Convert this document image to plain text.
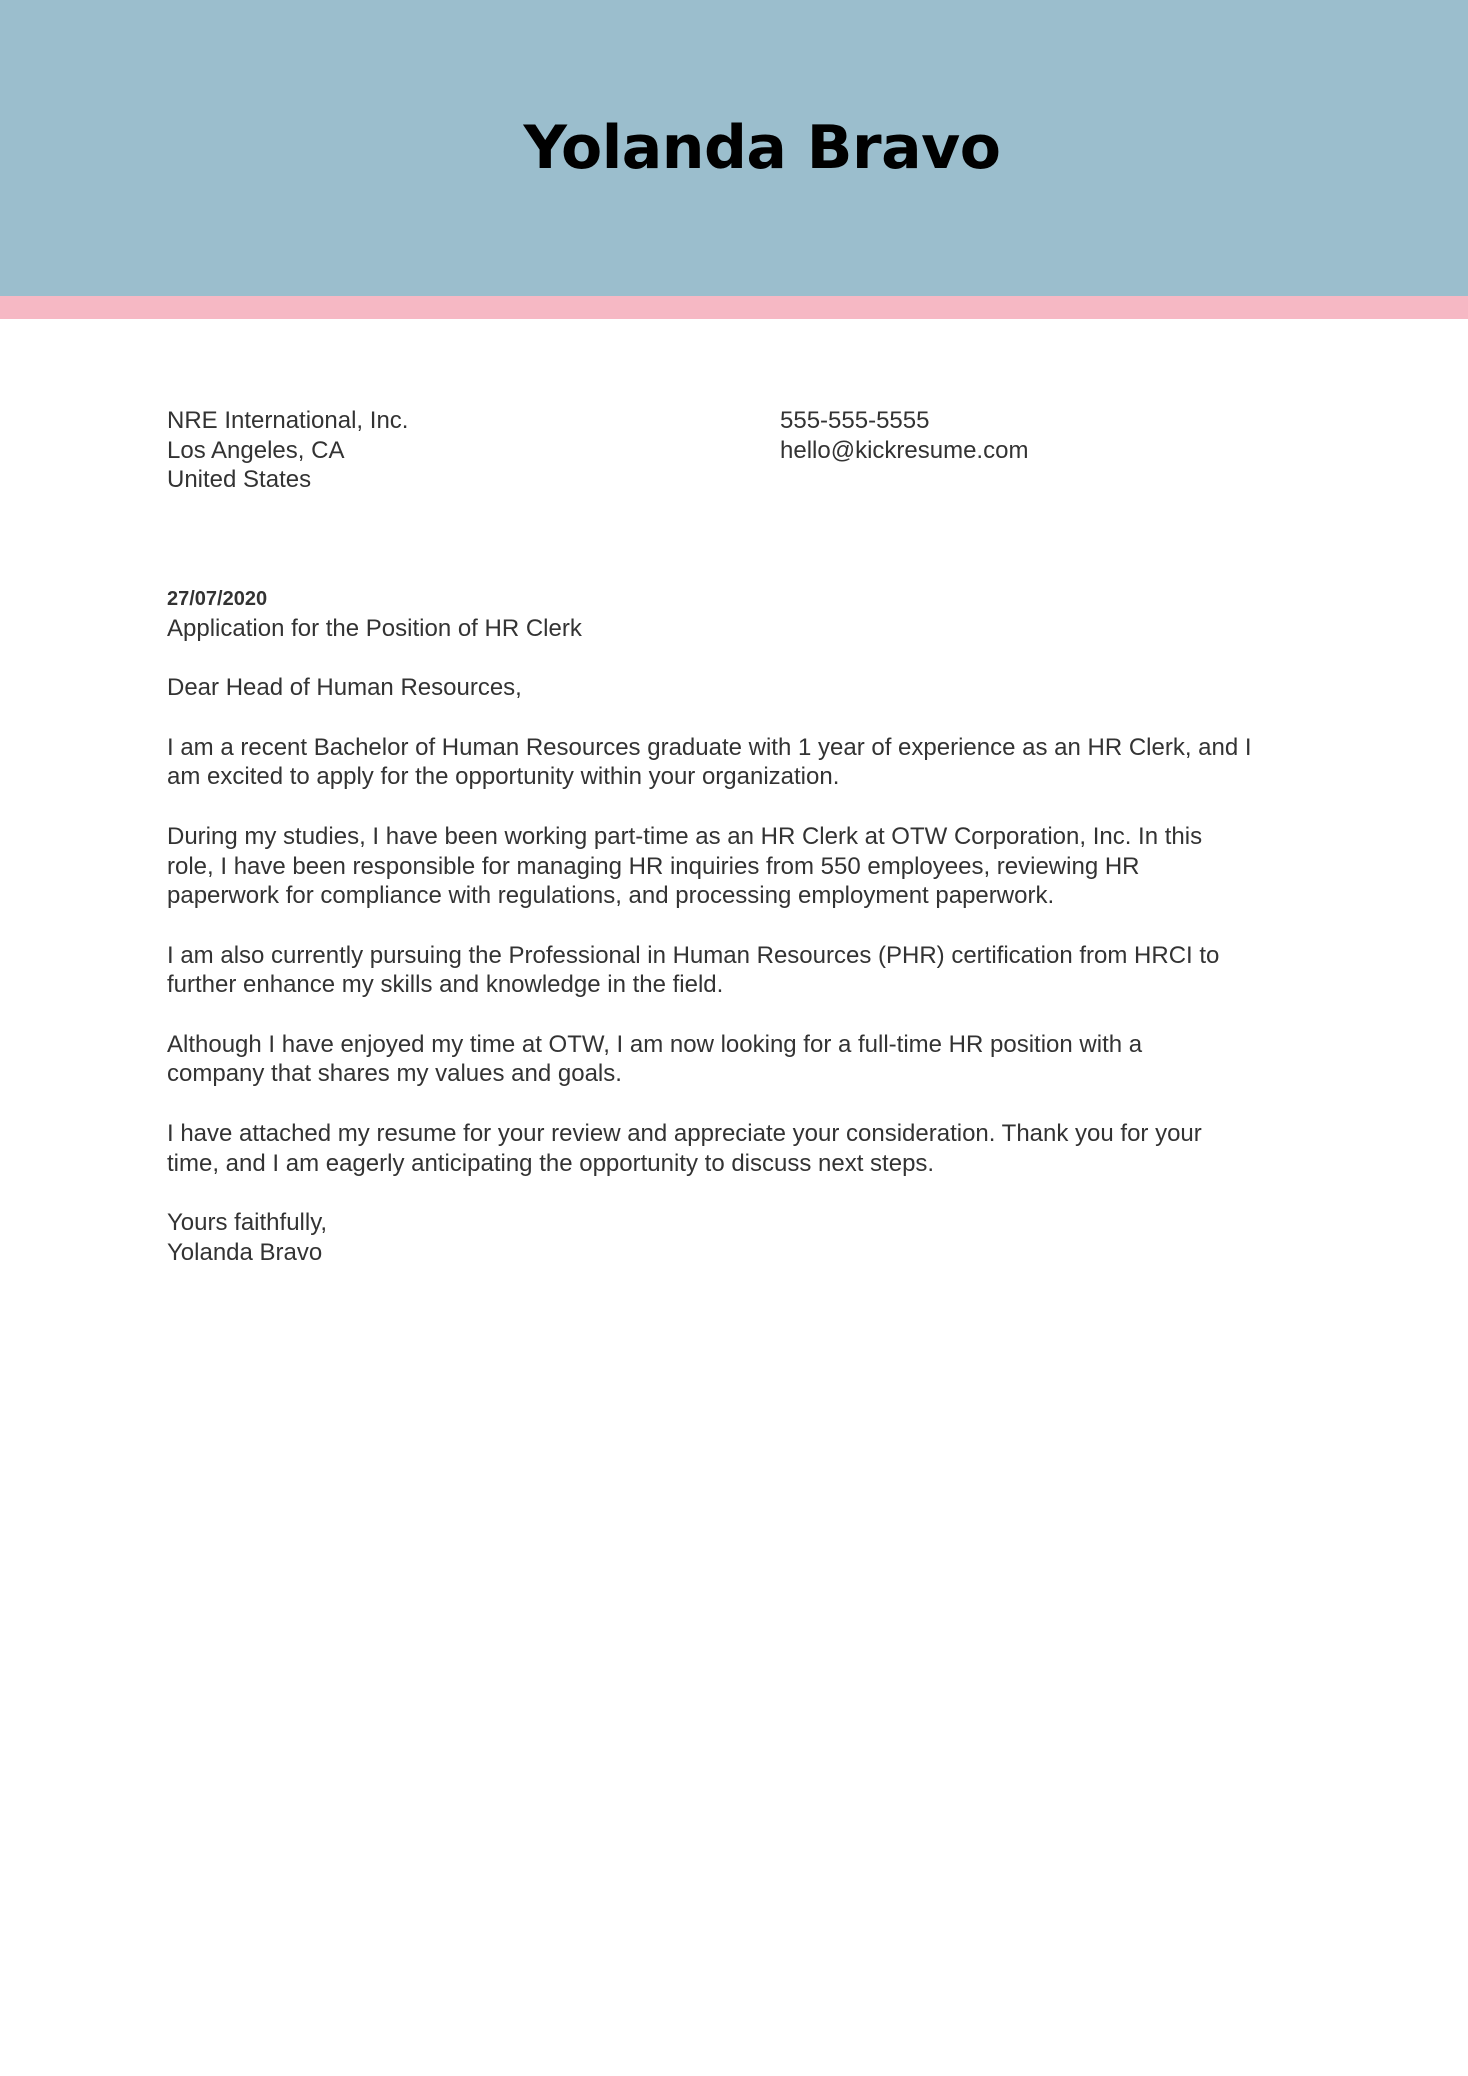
Yolanda Bravo
NRE International, Inc.
Los Angeles, CA
United States
555-555-5555
hello@kickresume.com
27/07/2020

Application for the Position of HR Clerk

Dear Head of Human Resources,

I am a recent Bachelor of Human Resources graduate with 1 year of experience as an HR Clerk, and I
am excited to apply for the opportunity within your organization.

During my studies, I have been working part-time as an HR Clerk at OTW Corporation, Inc. In this
role, I have been responsible for managing HR inquiries from 550 employees, reviewing HR
paperwork for compliance with regulations, and processing employment paperwork.

I am also currently pursuing the Professional in Human Resources (PHR) certification from HRCI to
further enhance my skills and knowledge in the field.

Although I have enjoyed my time at OTW, I am now looking for a full-time HR position with a
company that shares my values and goals.

I have attached my resume for your review and appreciate your consideration. Thank you for your
time, and I am eagerly anticipating the opportunity to discuss next steps.

Yours faithfully,
Yolanda Bravo
